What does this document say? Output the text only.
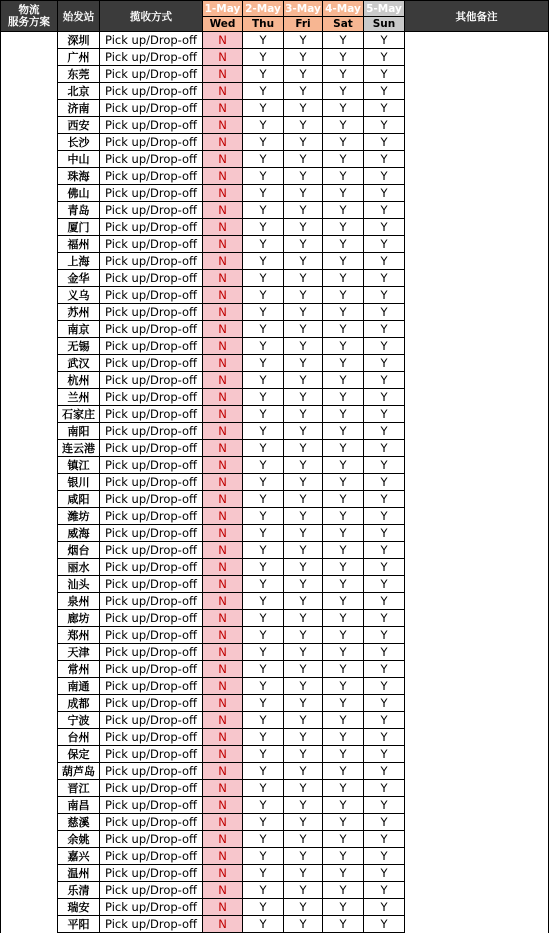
物流
服务方案	始发站	揽收方式	1-May	2-May	3-May	4-May	5-May	其他备注
			Wed	Thu	Fri	Sat	Sun	
	深圳	Pick up/Drop-off	N	Y	Y	Y	Y	
	广州	Pick up/Drop-off	N	Y	Y	Y	Y	
	东莞	Pick up/Drop-off	N	Y	Y	Y	Y	
	北京	Pick up/Drop-off	N	Y	Y	Y	Y	
	济南	Pick up/Drop-off	N	Y	Y	Y	Y	
	西安	Pick up/Drop-off	N	Y	Y	Y	Y	
	长沙	Pick up/Drop-off	N	Y	Y	Y	Y	
	中山	Pick up/Drop-off	N	Y	Y	Y	Y	
	珠海	Pick up/Drop-off	N	Y	Y	Y	Y	
	佛山	Pick up/Drop-off	N	Y	Y	Y	Y	
	青岛	Pick up/Drop-off	N	Y	Y	Y	Y	
	厦门	Pick up/Drop-off	N	Y	Y	Y	Y	
	福州	Pick up/Drop-off	N	Y	Y	Y	Y	
	上海	Pick up/Drop-off	N	Y	Y	Y	Y	
	金华	Pick up/Drop-off	N	Y	Y	Y	Y	
	义乌	Pick up/Drop-off	N	Y	Y	Y	Y	
	苏州	Pick up/Drop-off	N	Y	Y	Y	Y	
	南京	Pick up/Drop-off	N	Y	Y	Y	Y	
	无锡	Pick up/Drop-off	N	Y	Y	Y	Y	
	武汉	Pick up/Drop-off	N	Y	Y	Y	Y	
	杭州	Pick up/Drop-off	N	Y	Y	Y	Y	
	兰州	Pick up/Drop-off	N	Y	Y	Y	Y	
	石家庄	Pick up/Drop-off	N	Y	Y	Y	Y	
	南阳	Pick up/Drop-off	N	Y	Y	Y	Y	
	连云港	Pick up/Drop-off	N	Y	Y	Y	Y	
	镇江	Pick up/Drop-off	N	Y	Y	Y	Y	
	银川	Pick up/Drop-off	N	Y	Y	Y	Y	
	咸阳	Pick up/Drop-off	N	Y	Y	Y	Y	
	潍坊	Pick up/Drop-off	N	Y	Y	Y	Y	
	威海	Pick up/Drop-off	N	Y	Y	Y	Y	
	烟台	Pick up/Drop-off	N	Y	Y	Y	Y	
	丽水	Pick up/Drop-off	N	Y	Y	Y	Y	
	汕头	Pick up/Drop-off	N	Y	Y	Y	Y	
	泉州	Pick up/Drop-off	N	Y	Y	Y	Y	
	廊坊	Pick up/Drop-off	N	Y	Y	Y	Y	
	郑州	Pick up/Drop-off	N	Y	Y	Y	Y	
	天津	Pick up/Drop-off	N	Y	Y	Y	Y	
	常州	Pick up/Drop-off	N	Y	Y	Y	Y	
	南通	Pick up/Drop-off	N	Y	Y	Y	Y	
	成都	Pick up/Drop-off	N	Y	Y	Y	Y	
	宁波	Pick up/Drop-off	N	Y	Y	Y	Y	
	台州	Pick up/Drop-off	N	Y	Y	Y	Y	
	保定	Pick up/Drop-off	N	Y	Y	Y	Y	
	葫芦岛	Pick up/Drop-off	N	Y	Y	Y	Y	
	晋江	Pick up/Drop-off	N	Y	Y	Y	Y	
	南昌	Pick up/Drop-off	N	Y	Y	Y	Y	
	慈溪	Pick up/Drop-off	N	Y	Y	Y	Y	
	余姚	Pick up/Drop-off	N	Y	Y	Y	Y	
	嘉兴	Pick up/Drop-off	N	Y	Y	Y	Y	
	温州	Pick up/Drop-off	N	Y	Y	Y	Y	
	乐清	Pick up/Drop-off	N	Y	Y	Y	Y	
	瑞安	Pick up/Drop-off	N	Y	Y	Y	Y	
	平阳	Pick up/Drop-off	N	Y	Y	Y	Y	
